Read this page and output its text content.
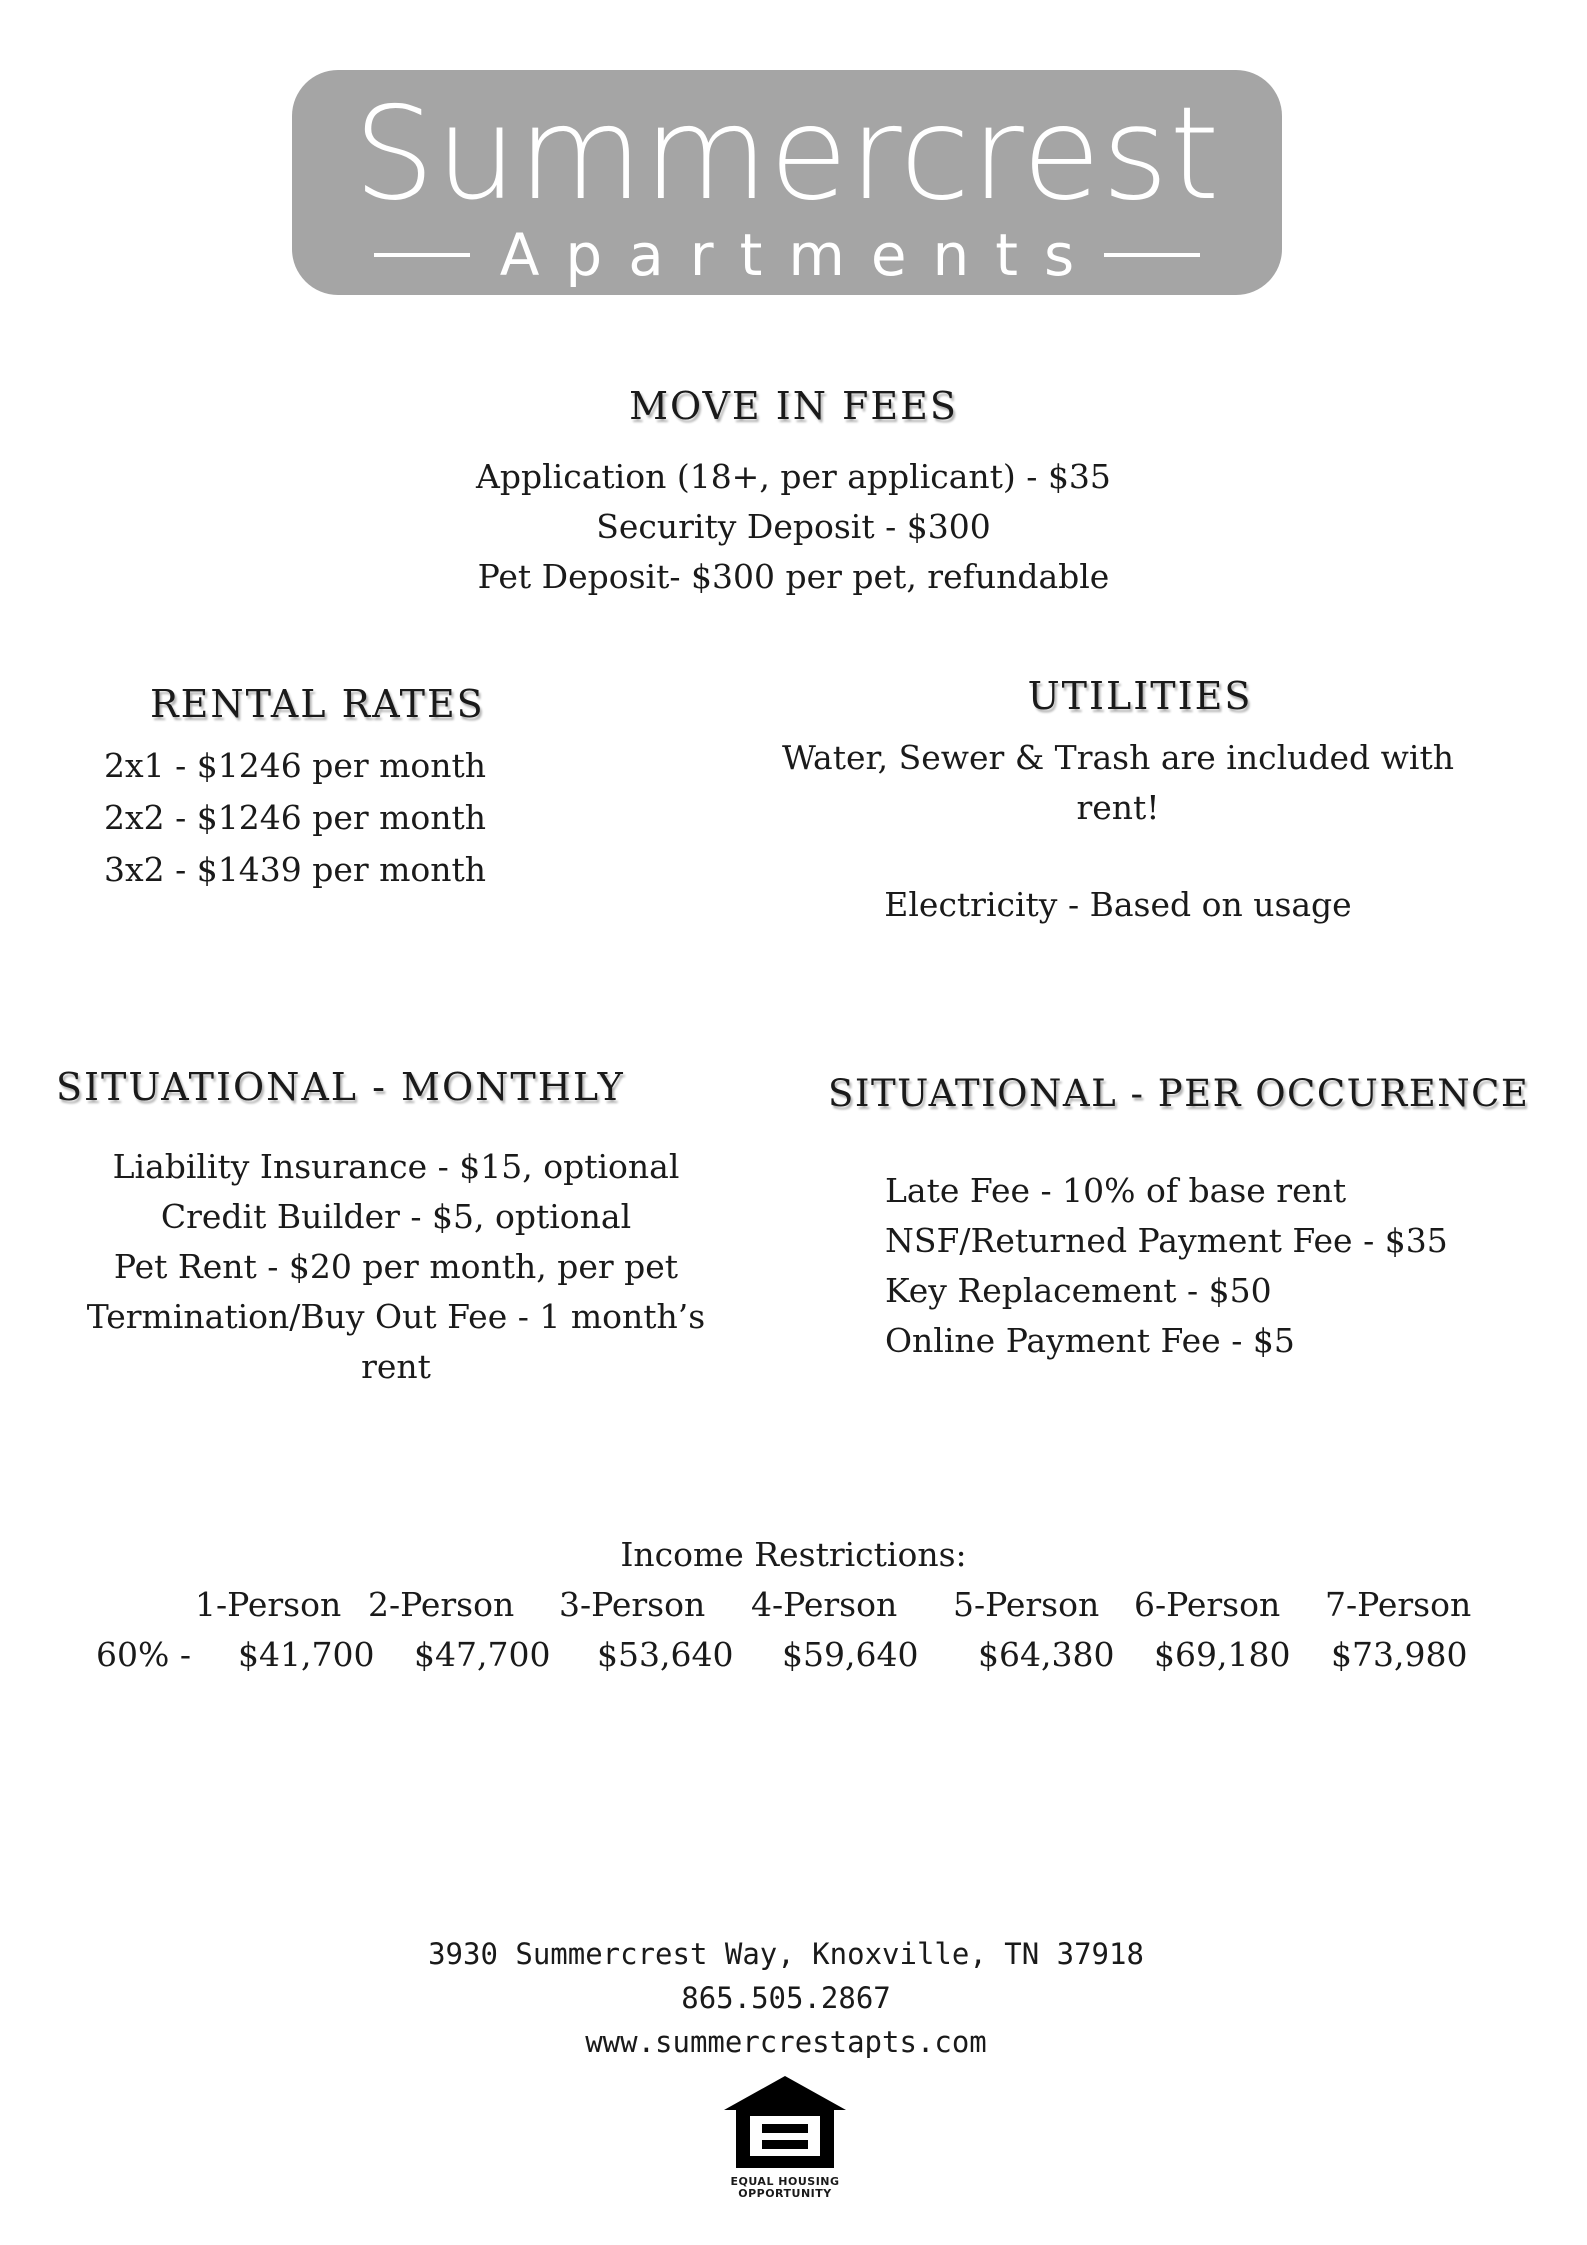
Summercrest
Apartments
MOVE IN FEES
Application (18+, per applicant) - $35
Security Deposit - $300
Pet Deposit- $300 per pet, refundable
RENTAL RATES
2x1 - $1246 per month
2x2 - $1246 per month
3x2 - $1439 per month
UTILITIES
Water, Sewer & Trash are included with rent!
Electricity - Based on usage
SITUATIONAL - MONTHLY
Liability Insurance - $15, optional
Credit Builder - $5, optional
Pet Rent - $20 per month, per pet
Termination/Buy Out Fee - 1 month’s rent
SITUATIONAL - PER OCCURENCE
Late Fee - 10% of base rent
NSF/Returned Payment Fee - $35
Key Replacement - $50
Online Payment Fee - $5
Income Restrictions:
1-Person 2-Person 3-Person 4-Person 5-Person 6-Person 7-Person
60% - $41,700 $47,700 $53,640 $59,640 $64,380 $69,180 $73,980
3930 Summercrest Way, Knoxville, TN 37918
865.505.2867
www.summercrestapts.com
EQUAL HOUSING
OPPORTUNITY
